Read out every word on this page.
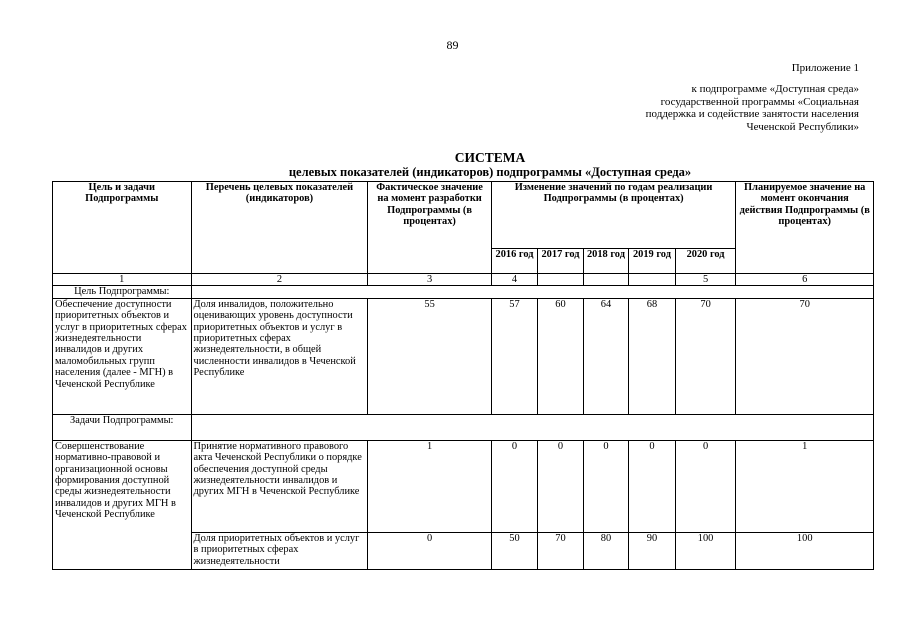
89
Приложение 1
к подпрограмме «Доступная среда»
государственной программы «Социальная
поддержка и содействие занятости населения
Чеченской Республики»
СИСТЕМА
целевых показателей (индикаторов) подпрограммы «Доступная среда»
Цель и задачи Подпрограммы	Перечень целевых показателей (индикаторов)	Фактическое значение на момент разработки Подпрограммы (в процентах)	Изменение значений по годам реализации Подпрограммы (в процентах)					Планируемое значение на момент окончания действия Подпрограммы (в процентах)
			2016 год	2017 год	2018 год	2019 год	2020 год	
1	2	3	4				5	6
Цель Подпрограммы:								
Обеспечение доступности приоритетных объектов и услуг в приоритетных сферах жизнедеятельности инвалидов и других маломобильных групп населения (далее - МГН) в Чеченской Республике	Доля инвалидов, положительно оценивающих уровень доступности приоритетных объектов и услуг в приоритетных сферах жизнедеятельности, в общей численности инвалидов в Чеченской Республике	55	57	60	64	68	70	70
Задачи Подпрограммы:								
Совершенствование нормативно-правовой и организационной основы формирования доступной среды жизнедеятельности инвалидов и других МГН в Чеченской Республике	Принятие нормативного правового акта Чеченской Республики о порядке обеспечения доступной среды жизнедеятельности инвалидов и других МГН в Чеченской Республике	1	0	0	0	0	0	1
	Доля приоритетных объектов и услуг в приоритетных сферах жизнедеятельности	0	50	70	80	90	100	100
